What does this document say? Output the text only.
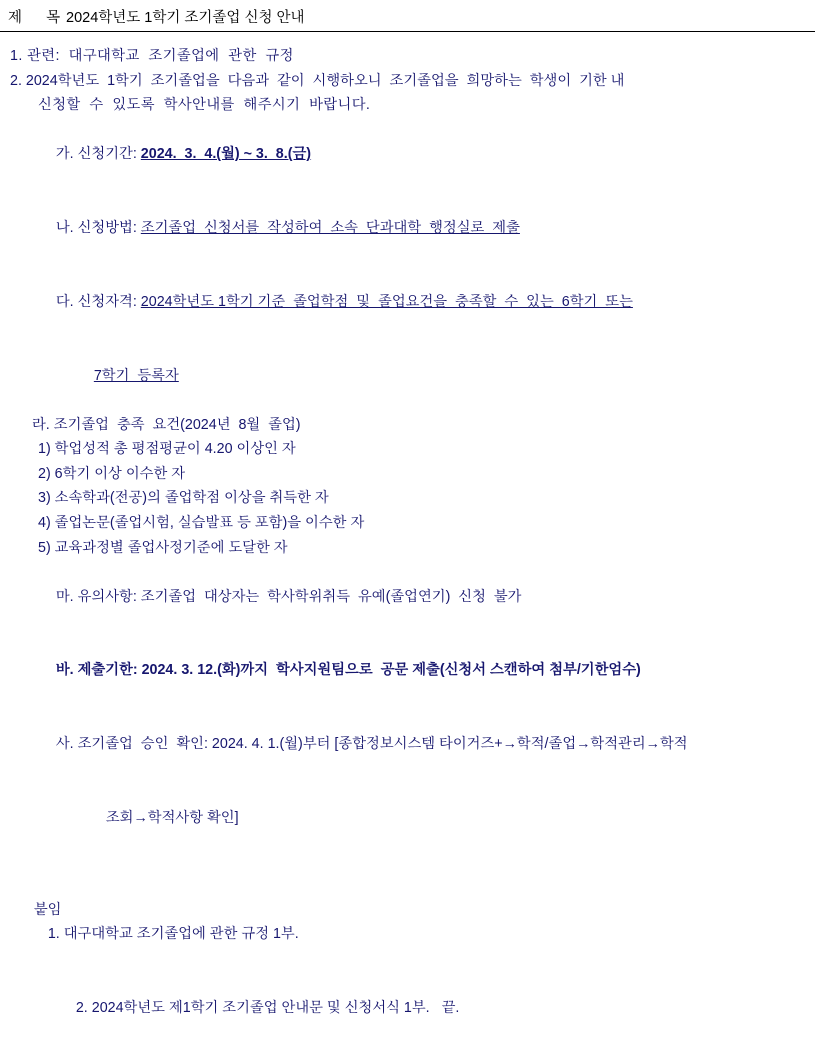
제      목 2024학년도 1학기 조기졸업 신청 안내
1. 관련:  대구대학교  조기졸업에  관한  규정
2. 2024학년도  1학기  조기졸업을  다음과  같이  시행하오니  조기졸업을  희망하는  학생이  기한 내
신청할  수  있도록  학사안내를  해주시기  바랍니다.

가. 신청기간: 2024.  3.  4.(월) ~ 3.  8.(금)

나. 신청방법: 조기졸업  신청서를  작성하여  소속  단과대학  행정실로  제출

다. 신청자격: 2024학년도 1학기 기준  졸업학점  및  졸업요건을  충족할  수  있는  6학기  또는

7학기  등록자

라. 조기졸업  충족  요건(2024년  8월  졸업)
1) 학업성적 총 평점평균이 4.20 이상인 자
2) 6학기 이상 이수한 자
3) 소속학과(전공)의 졸업학점 이상을 취득한 자
4) 졸업논문(졸업시험, 실습발표 등 포함)을 이수한 자
5) 교육과정별 졸업사정기준에 도달한 자

마. 유의사항: 조기졸업  대상자는  학사학위취득  유예(졸업연기)  신청  불가

바. 제출기한: 2024. 3. 12.(화)까지  학사지원팀으로  공문 제출(신청서 스캔하여 첨부/기한엄수)

사. 조기졸업  승인  확인: 2024. 4. 1.(월)부터 [종합정보시스템 타이거즈+→학적/졸업→학적관리→학적

조회→학적사항 확인]

붙임
1. 대구대학교 조기졸업에 관한 규정 1부.

2. 2024학년도 제1학기 조기졸업 안내문 및 신청서식 1부.   끝.
